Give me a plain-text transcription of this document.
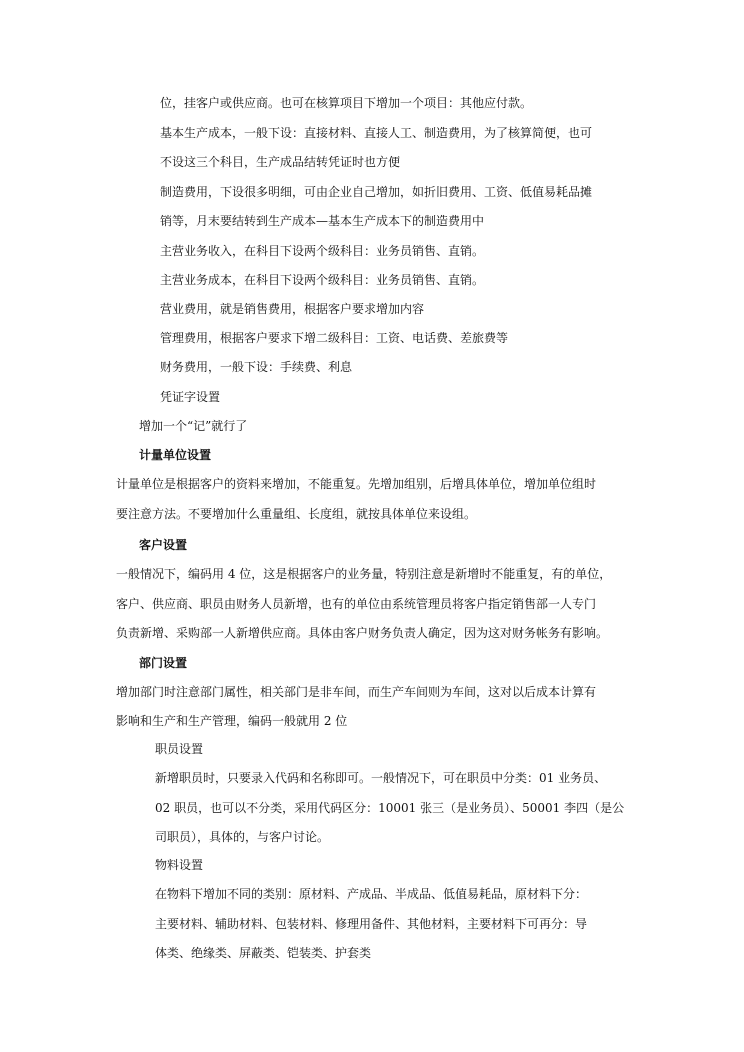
位，挂客户或供应商。也可在核算项目下增加一个项目：其他应付款。
基本生产成本，一般下设：直接材料、直接人工、制造费用，为了核算简便，也可
不设这三个科目，生产成品结转凭证时也方便
制造费用，下设很多明细，可由企业自己增加，如折旧费用、工资、低值易耗品摊
销等，月末要结转到生产成本—基本生产成本下的制造费用中
主营业务收入，在科目下设两个级科目：业务员销售、直销。
主营业务成本，在科目下设两个级科目：业务员销售、直销。
营业费用，就是销售费用，根据客户要求增加内容
管理费用，根据客户要求下增二级科目：工资、电话费、差旅费等
财务费用，一般下设：手续费、利息
凭证字设置
增加一个“记”就行了
计量单位设置
计量单位是根据客户的资料来增加，不能重复。先增加组别，后增具体单位，增加单位组时
要注意方法。不要增加什么重量组、长度组，就按具体单位来设组。
客户设置
一般情况下，编码用 4 位，这是根据客户的业务量，特别注意是新增时不能重复，有的单位，
客户、供应商、职员由财务人员新增，也有的单位由系统管理员将客户指定销售部一人专门
负责新增、采购部一人新增供应商。具体由客户财务负责人确定，因为这对财务帐务有影响。
部门设置
增加部门时注意部门属性，相关部门是非车间，而生产车间则为车间，这对以后成本计算有
影响和生产和生产管理，编码一般就用 2 位
职员设置
新增职员时，只要录入代码和名称即可。一般情况下，可在职员中分类：01 业务员、
02 职员，也可以不分类，采用代码区分：10001 张三（是业务员）、50001 李四（是公
司职员），具体的，与客户讨论。
物料设置
在物料下增加不同的类别：原材料、产成品、半成品、低值易耗品，原材料下分：
主要材料、辅助材料、包装材料、修理用备件、其他材料，主要材料下可再分：导
体类、绝缘类、屏蔽类、铠装类、护套类
